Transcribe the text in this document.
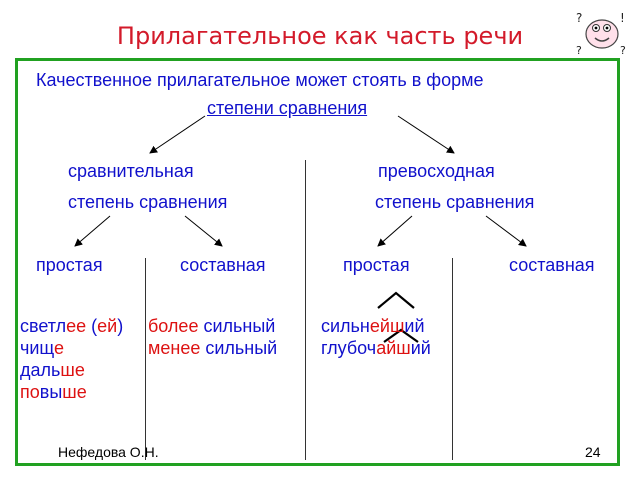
?	!
?	?
Прилагательное как часть речи
Качественное прилагательное может стоять в форме
степени сравнения
сравнительная
степень сравнения
превосходная
степень сравнения
простая	составная	простая	составная
светлее (ей)
чище
дальше
повыше
более сильный
менее сильный
сильнейший
глубочайший
Нефедова О.Н.	24
